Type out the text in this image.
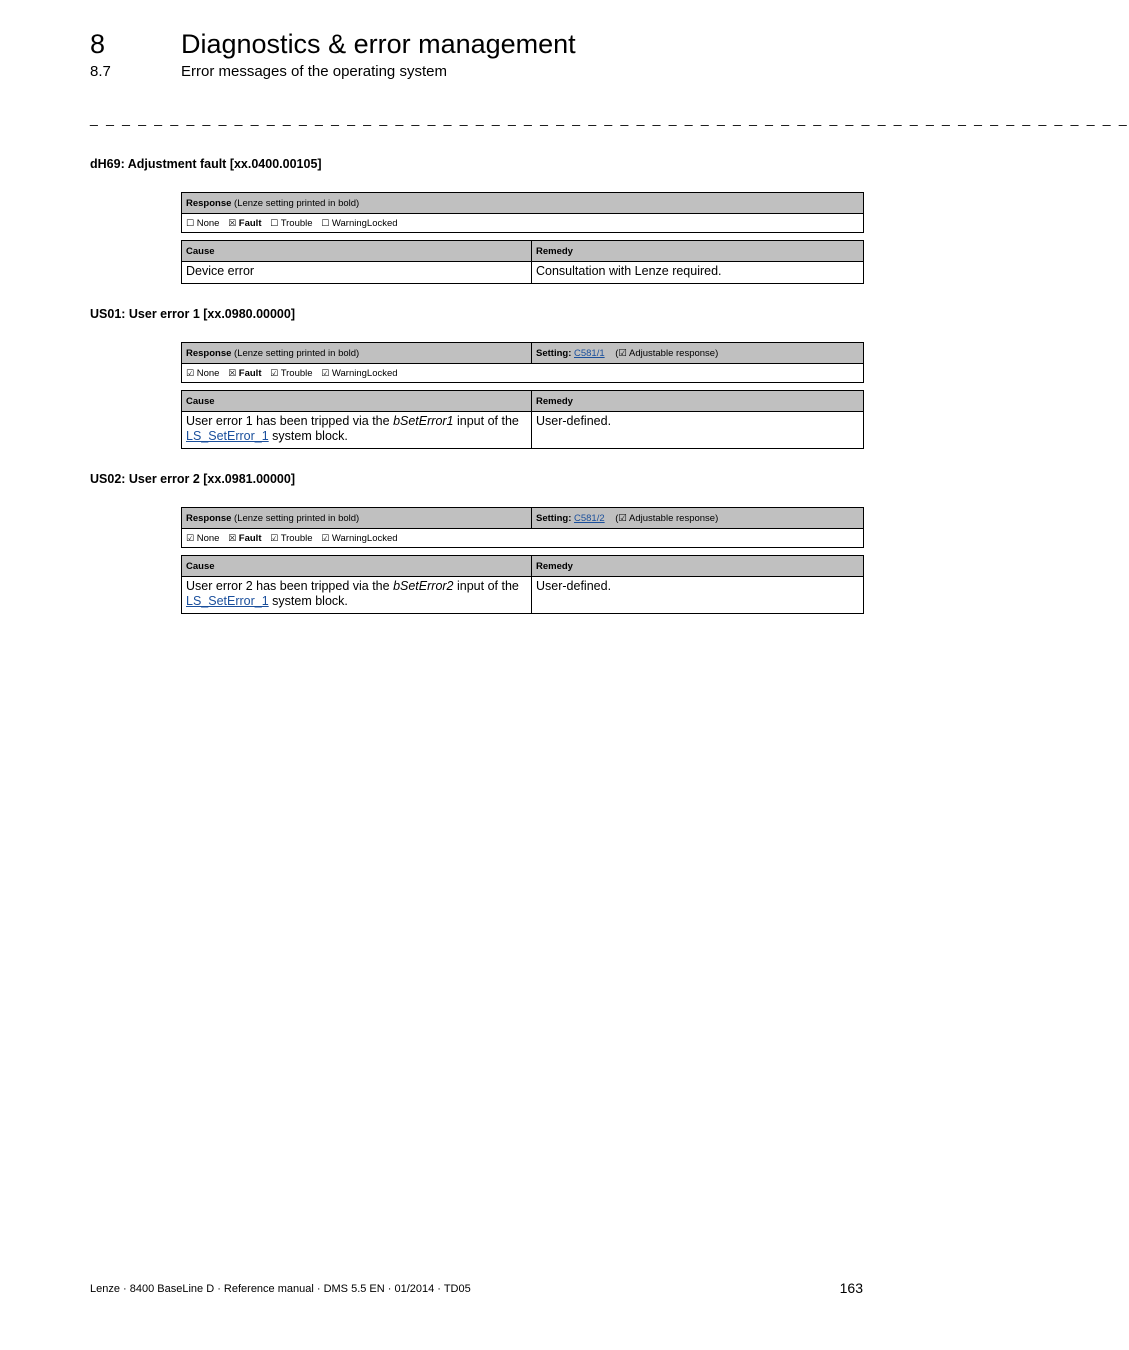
8	Diagnostics & error management
8.7	Error messages of the operating system
_ _ _ _ _ _ _ _ _ _ _ _ _ _ _ _ _ _ _ _ _ _ _ _ _ _ _ _ _ _ _ _ _ _ _ _ _ _ _ _ _ _ _ _ _ _ _ _ _ _ _ _ _ _ _ _ _ _ _ _ _ _ _ _ _
dH69: Adjustment fault [xx.0400.00105]
Response (Lenze setting printed in bold)
☐ None ☒ Fault ☐ Trouble ☐ WarningLocked
Cause	Remedy
Device error	Consultation with Lenze required.
US01: User error 1 [xx.0980.00000]
Response (Lenze setting printed in bold)	Setting: C581/1 (☑ Adjustable response)
☑ None ☒ Fault ☑ Trouble ☑ WarningLocked
Cause	Remedy
User error 1 has been tripped via the bSetError1 input of the LS_SetError_1 system block.	User-defined.
US02: User error 2 [xx.0981.00000]
Response (Lenze setting printed in bold)	Setting: C581/2 (☑ Adjustable response)
☑ None ☒ Fault ☑ Trouble ☑ WarningLocked
Cause	Remedy
User error 2 has been tripped via the bSetError2 input of the LS_SetError_1 system block.	User-defined.
Lenze · 8400 BaseLine D · Reference manual · DMS 5.5 EN · 01/2014 · TD05	163
